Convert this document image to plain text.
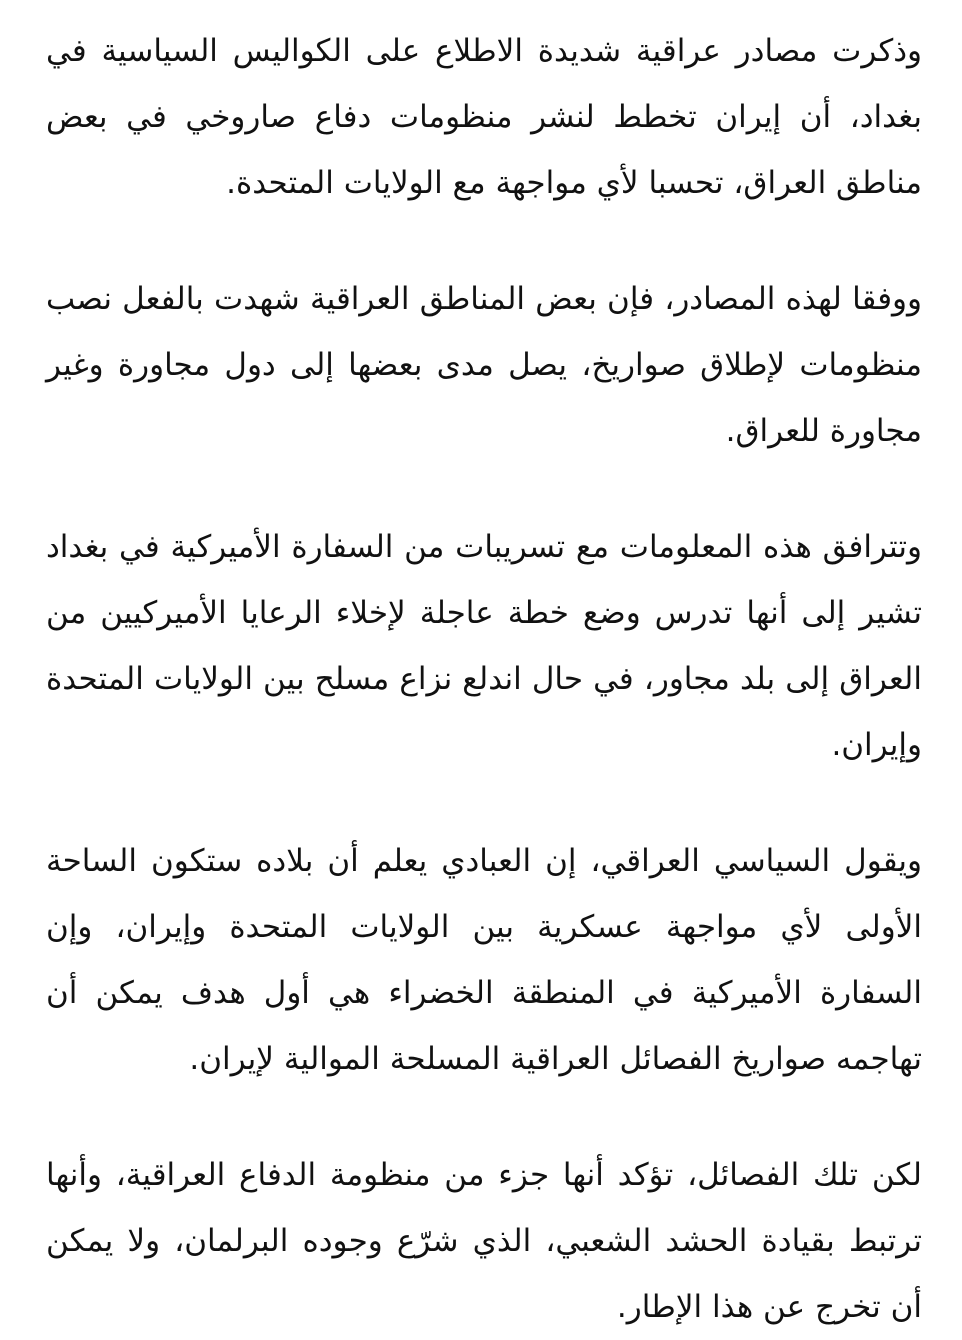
وذكرت مصادر عراقية شديدة الاطلاع على الكواليس السياسية في بغداد، أن إيران تخطط لنشر منظومات دفاع صاروخي في بعض مناطق العراق، تحسبا لأي مواجهة مع الولايات المتحدة.

ووفقا لهذه المصادر، فإن بعض المناطق العراقية شهدت بالفعل نصب منظومات لإطلاق صواريخ، يصل مدى بعضها إلى دول مجاورة وغير مجاورة للعراق.

وتترافق هذه المعلومات مع تسريبات من السفارة الأميركية في بغداد تشير إلى أنها تدرس وضع خطة عاجلة لإخلاء الرعايا الأميركيين من العراق إلى بلد مجاور، في حال اندلع نزاع مسلح بين الولايات المتحدة وإيران.

ويقول السياسي العراقي، إن العبادي يعلم أن بلاده ستكون الساحة الأولى لأي مواجهة عسكرية بين الولايات المتحدة وإيران، وإن السفارة الأميركية في المنطقة الخضراء هي أول هدف يمكن أن تهاجمه صواريخ الفصائل العراقية المسلحة الموالية لإيران.

لكن تلك الفصائل، تؤكد أنها جزء من منظومة الدفاع العراقية، وأنها ترتبط بقيادة الحشد الشعبي، الذي شرّع وجوده البرلمان، ولا يمكن أن تخرج عن هذا الإطار.
